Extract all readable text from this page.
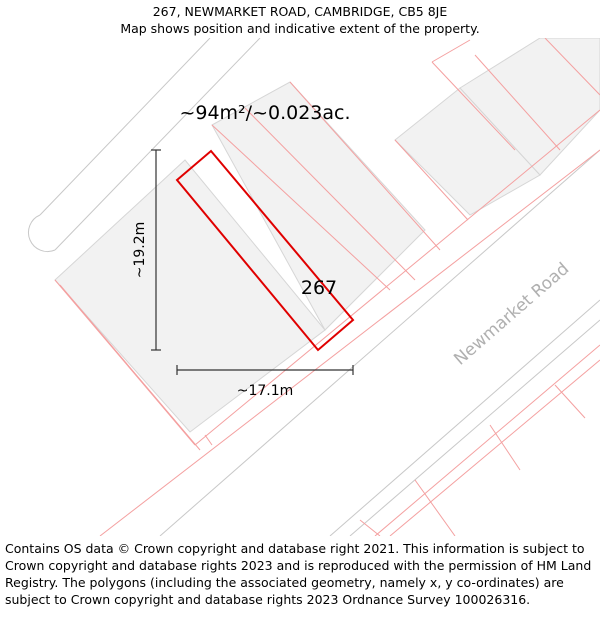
267, NEWMARKET ROAD, CAMBRIDGE, CB5 8JE
Map shows position and indicative extent of the property.
~19.2m
~17.1m
~94m²/~0.023ac.
267	Newmarket Road
Contains OS data © Crown copyright and database right 2021. This information is subject to Crown copyright and database rights 2023 and is reproduced with the permission of HM Land Registry. The polygons (including the associated geometry, namely x, y co-ordinates) are subject to Crown copyright and database rights 2023 Ordnance Survey 100026316.
